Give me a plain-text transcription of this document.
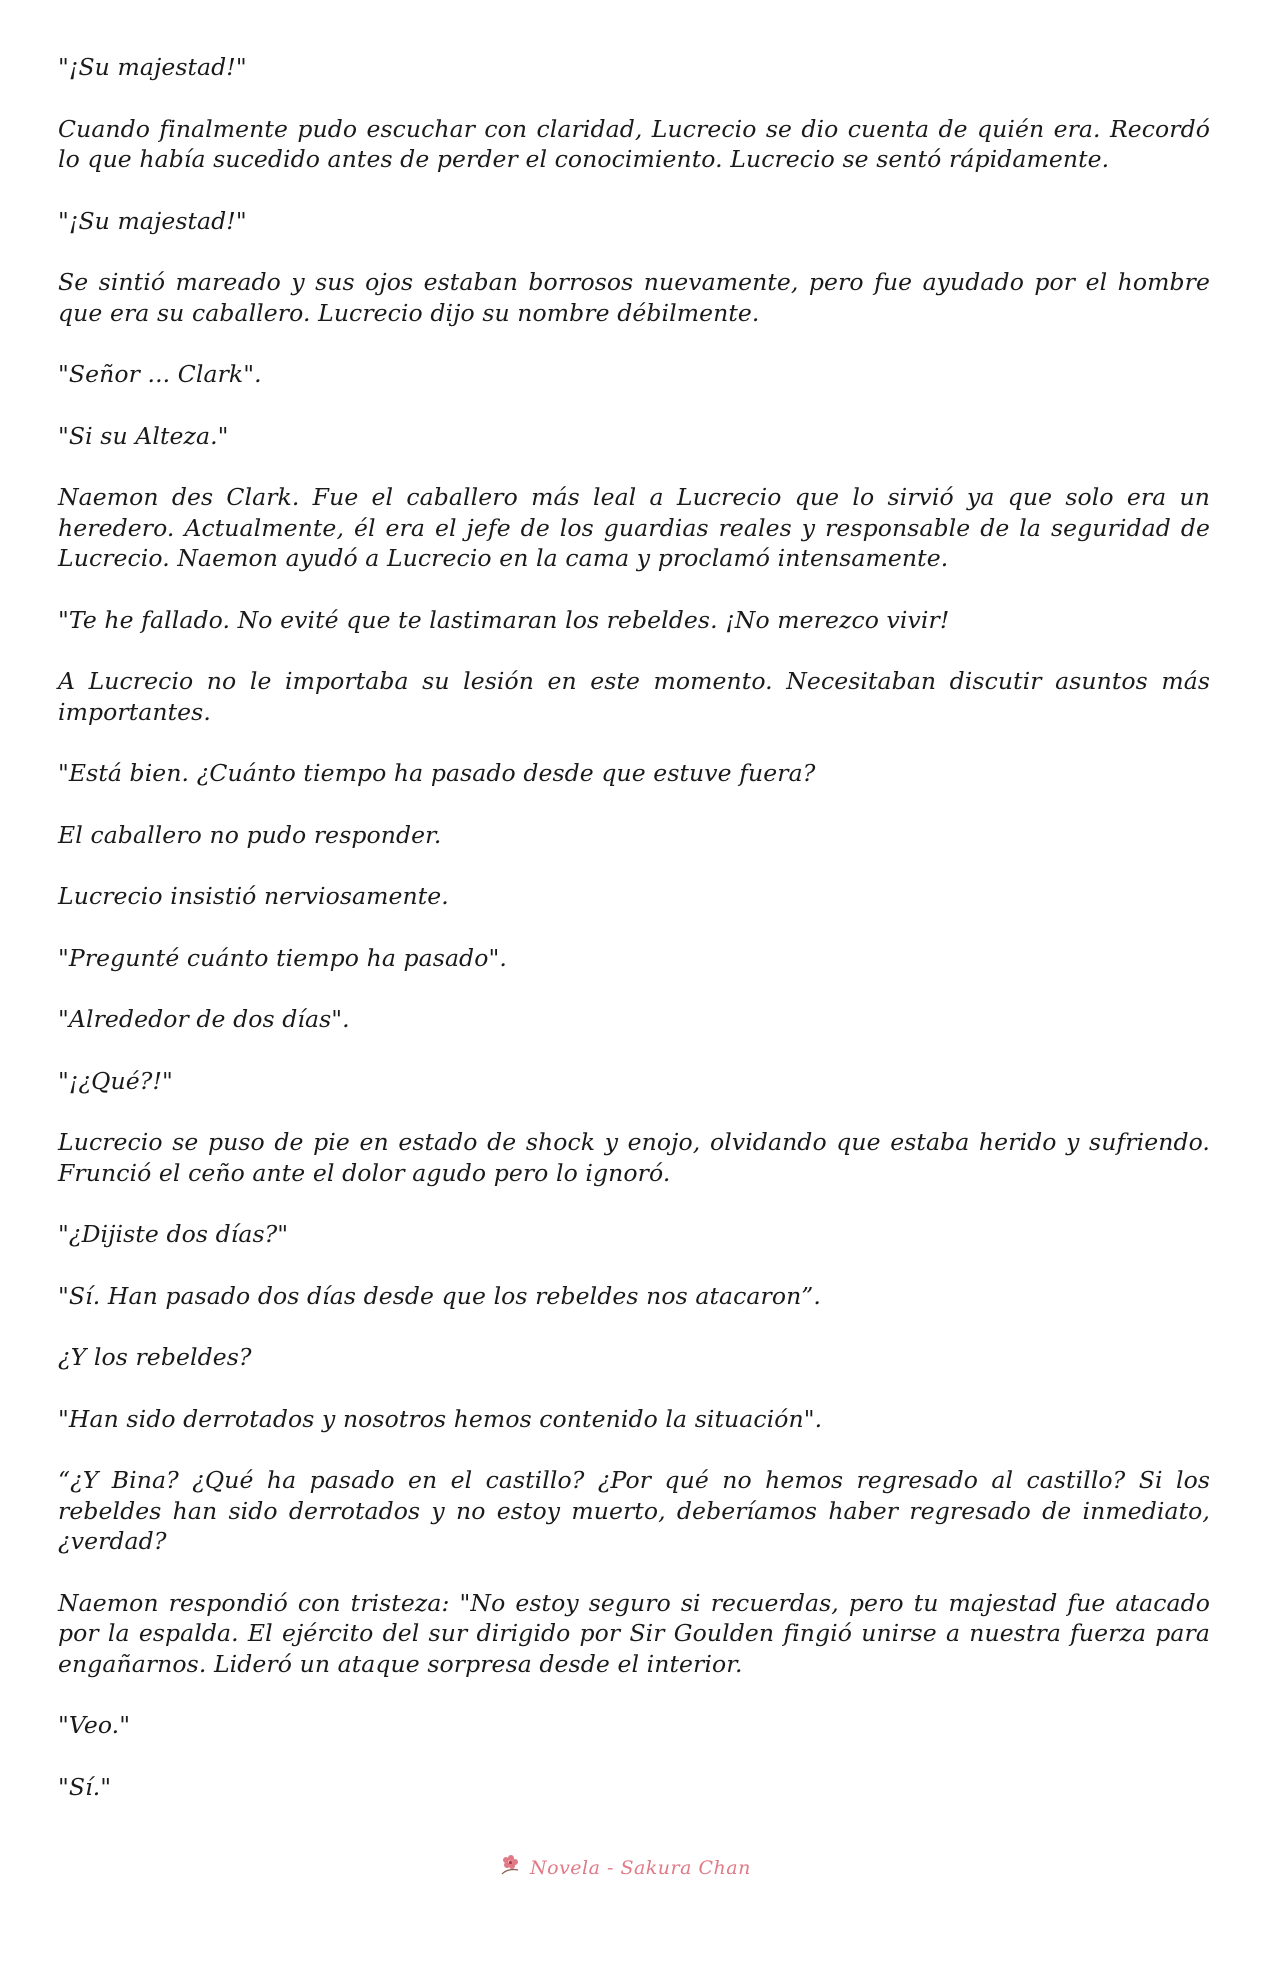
"¡Su majestad!"

Cuando finalmente pudo escuchar con claridad, Lucrecio se dio cuenta de quién era. Recordó lo que había sucedido antes de perder el conocimiento. Lucrecio se sentó rápidamente.

"¡Su majestad!"

Se sintió mareado y sus ojos estaban borrosos nuevamente, pero fue ayudado por el hombre que era su caballero. Lucrecio dijo su nombre débilmente.

"Señor ... Clark".

"Si su Alteza."

Naemon des Clark. Fue el caballero más leal a Lucrecio que lo sirvió ya que solo era un heredero. Actualmente, él era el jefe de los guardias reales y responsable de la seguridad de Lucrecio. Naemon ayudó a Lucrecio en la cama y proclamó intensamente.

"Te he fallado. No evité que te lastimaran los rebeldes. ¡No merezco vivir!

A Lucrecio no le importaba su lesión en este momento. Necesitaban discutir asuntos más importantes.

"Está bien. ¿Cuánto tiempo ha pasado desde que estuve fuera?

El caballero no pudo responder.

Lucrecio insistió nerviosamente.

"Pregunté cuánto tiempo ha pasado".

"Alrededor de dos días".

"¡¿Qué?!"

Lucrecio se puso de pie en estado de shock y enojo, olvidando que estaba herido y sufriendo. Frunció el ceño ante el dolor agudo pero lo ignoró.

"¿Dijiste dos días?"

"Sí. Han pasado dos días desde que los rebeldes nos atacaron”.

¿Y los rebeldes?

"Han sido derrotados y nosotros hemos contenido la situación".

“¿Y Bina? ¿Qué ha pasado en el castillo? ¿Por qué no hemos regresado al castillo? Si los rebeldes han sido derrotados y no estoy muerto, deberíamos haber regresado de inmediato, ¿verdad?

Naemon respondió con tristeza: "No estoy seguro si recuerdas, pero tu majestad fue atacado por la espalda. El ejército del sur dirigido por Sir Goulden fingió unirse a nuestra fuerza para engañarnos. Lideró un ataque sorpresa desde el interior.

"Veo."

"Sí."

Novela - Sakura Chan
